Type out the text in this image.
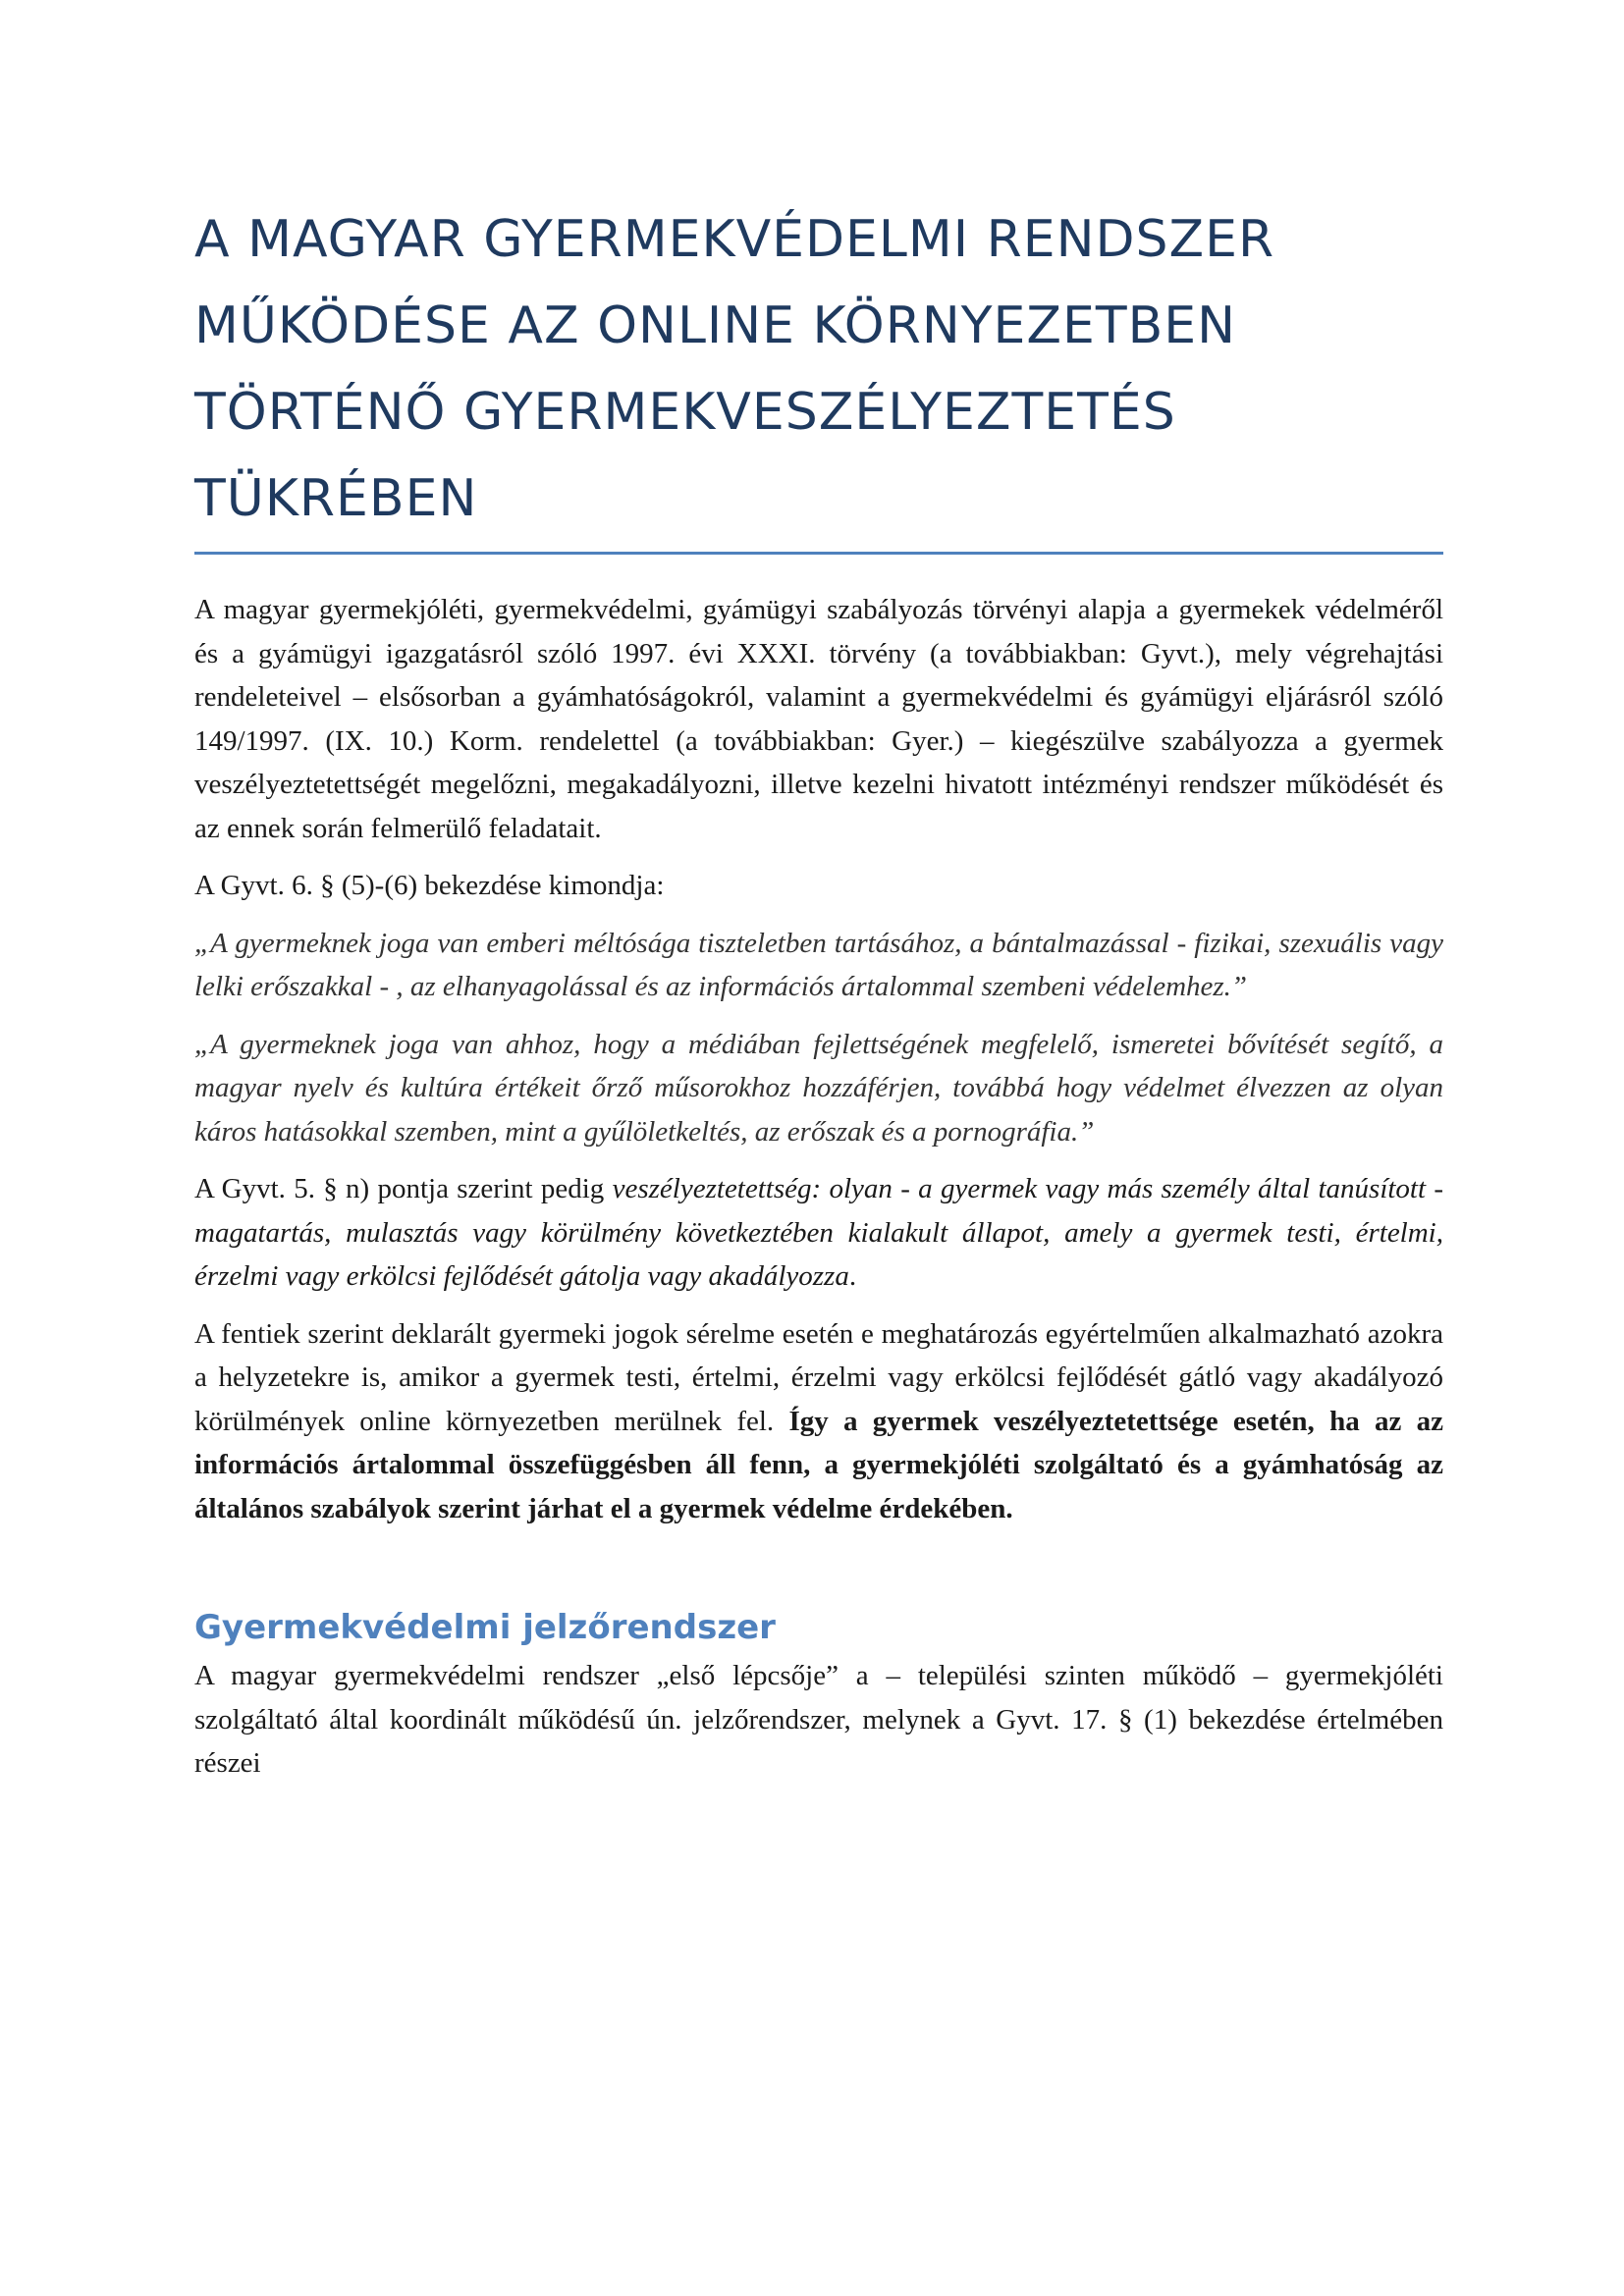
A MAGYAR GYERMEKVÉDELMI RENDSZER MŰKÖDÉSE AZ ONLINE KÖRNYEZETBEN TÖRTÉNŐ GYERMEKVESZÉLYEZTETÉS TÜKRÉBEN

A magyar gyermekjóléti, gyermekvédelmi, gyámügyi szabályozás törvényi alapja a gyermekek védelméről és a gyámügyi igazgatásról szóló 1997. évi XXXI. törvény (a továbbiakban: Gyvt.), mely végrehajtási rendeleteivel – elsősorban a gyámhatóságokról, valamint a gyermekvédelmi és gyámügyi eljárásról szóló 149/1997. (IX. 10.) Korm. rendelettel (a továbbiakban: Gyer.) – kiegészülve szabályozza a gyermek veszélyeztetettségét megelőzni, megakadályozni, illetve kezelni hivatott intézményi rendszer működését és az ennek során felmerülő feladatait.

A Gyvt. 6. § (5)-(6) bekezdése kimondja:

„A gyermeknek joga van emberi méltósága tiszteletben tartásához, a bántalmazással - fizikai, szexuális vagy lelki erőszakkal - , az elhanyagolással és az információs ártalommal szembeni védelemhez.”

„A gyermeknek joga van ahhoz, hogy a médiában fejlettségének megfelelő, ismeretei bővítését segítő, a magyar nyelv és kultúra értékeit őrző műsorokhoz hozzáférjen, továbbá hogy védelmet élvezzen az olyan káros hatásokkal szemben, mint a gyűlöletkeltés, az erőszak és a pornográfia.”

A Gyvt. 5. § n) pontja szerint pedig veszélyeztetettség: olyan - a gyermek vagy más személy által tanúsított - magatartás, mulasztás vagy körülmény következtében kialakult állapot, amely a gyermek testi, értelmi, érzelmi vagy erkölcsi fejlődését gátolja vagy akadályozza.

A fentiek szerint deklarált gyermeki jogok sérelme esetén e meghatározás egyértelműen alkalmazható azokra a helyzetekre is, amikor a gyermek testi, értelmi, érzelmi vagy erkölcsi fejlődését gátló vagy akadályozó körülmények online környezetben merülnek fel. Így a gyermek veszélyeztetettsége esetén, ha az az információs ártalommal összefüggésben áll fenn, a gyermekjóléti szolgáltató és a gyámhatóság az általános szabályok szerint járhat el a gyermek védelme érdekében.

Gyermekvédelmi jelzőrendszer

A magyar gyermekvédelmi rendszer „első lépcsője” a – települési szinten működő – gyermekjóléti szolgáltató által koordinált működésű ún. jelzőrendszer, melynek a Gyvt. 17. § (1) bekezdése értelmében részei
